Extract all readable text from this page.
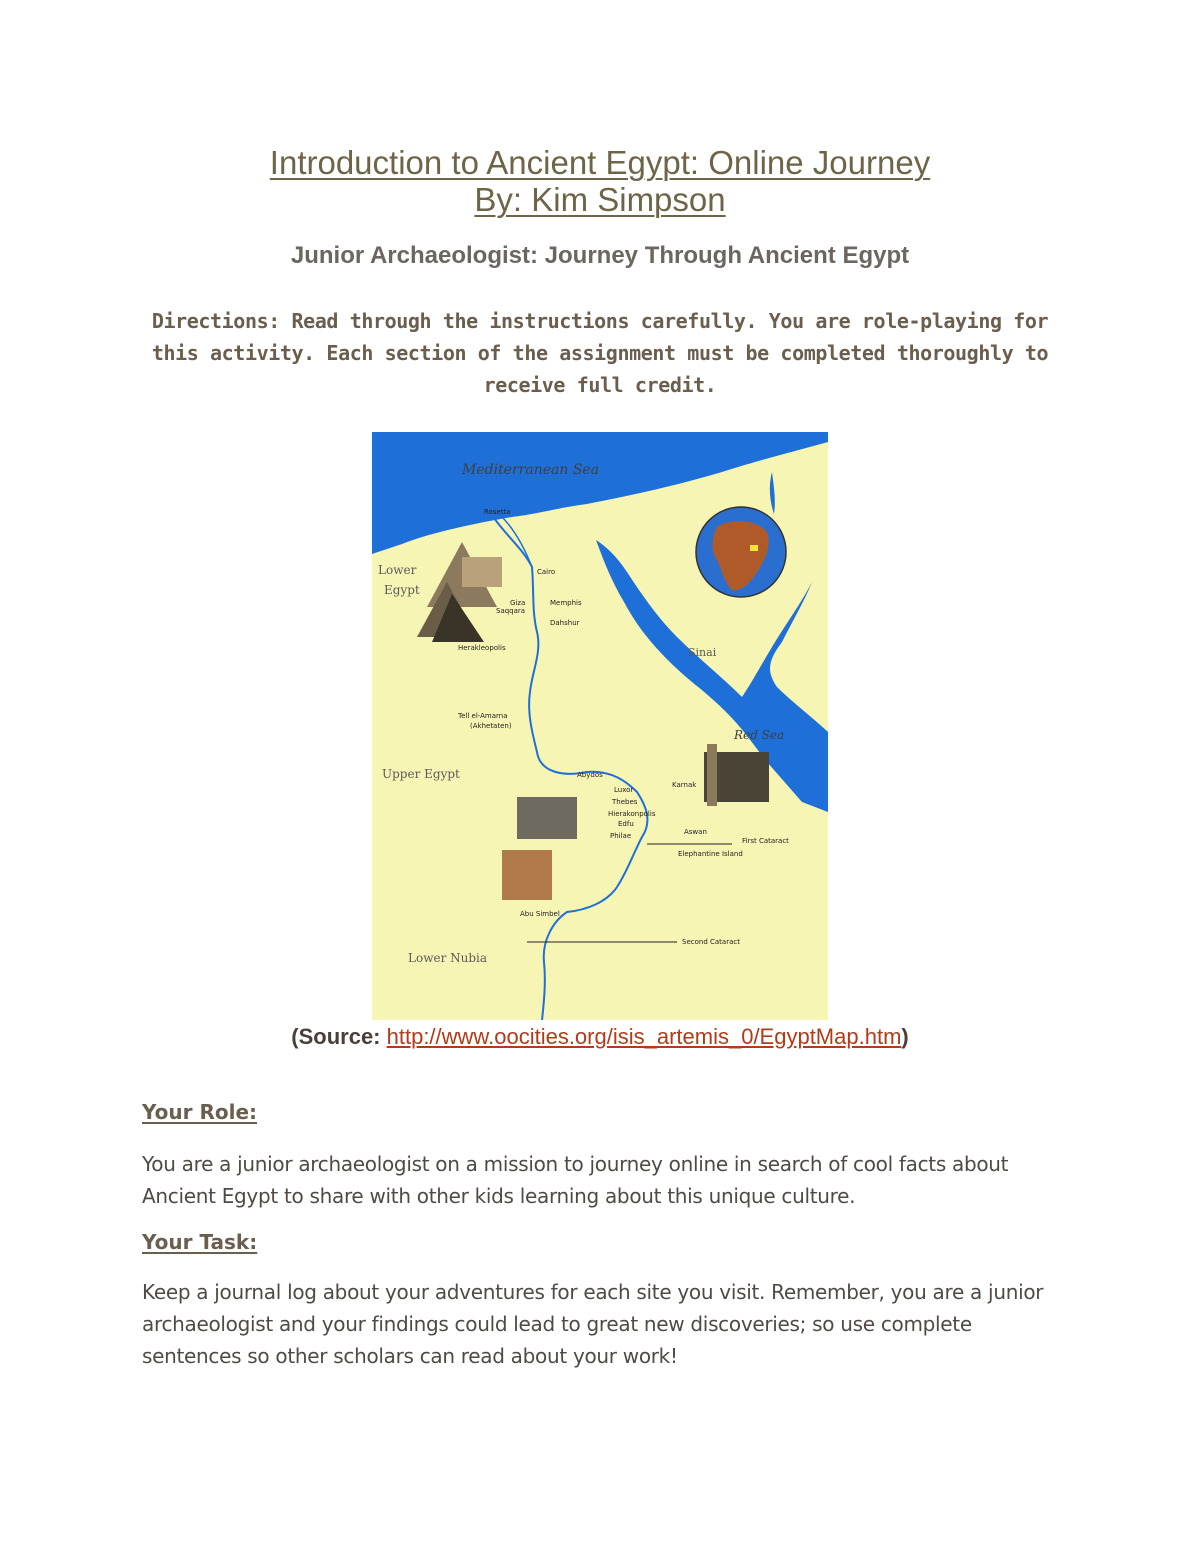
Introduction to Ancient Egypt: Online Journey
By: Kim Simpson
Junior Archaeologist: Journey Through Ancient Egypt
Directions: Read through the instructions carefully. You are role-playing for this activity. Each section of the assignment must be completed thoroughly to receive full credit.
Mediterranean Sea
Red Sea
Sinai
Lower
Egypt
Upper Egypt
Lower Nubia
Rosetta
Cairo
Giza
Saqqara
Memphis
Dahshur
Herakleopolis
Tell el-Amarna
(Akhetaten)
Abydos
Karnak
Luxor
Thebes
Hierakonpolis
Edfu
Philae	Aswan
First Cataract
Elephantine Island
Abu Simbel
Second Cataract
(Source: http://www.oocities.org/isis_artemis_0/EgyptMap.htm)
Your Role:
You are a junior archaeologist on a mission to journey online in search of cool facts about Ancient Egypt to share with other kids learning about this unique culture.
Your Task:
Keep a journal log about your adventures for each site you visit. Remember, you are a junior archaeologist and your findings could lead to great new discoveries; so use complete sentences so other scholars can read about your work!
